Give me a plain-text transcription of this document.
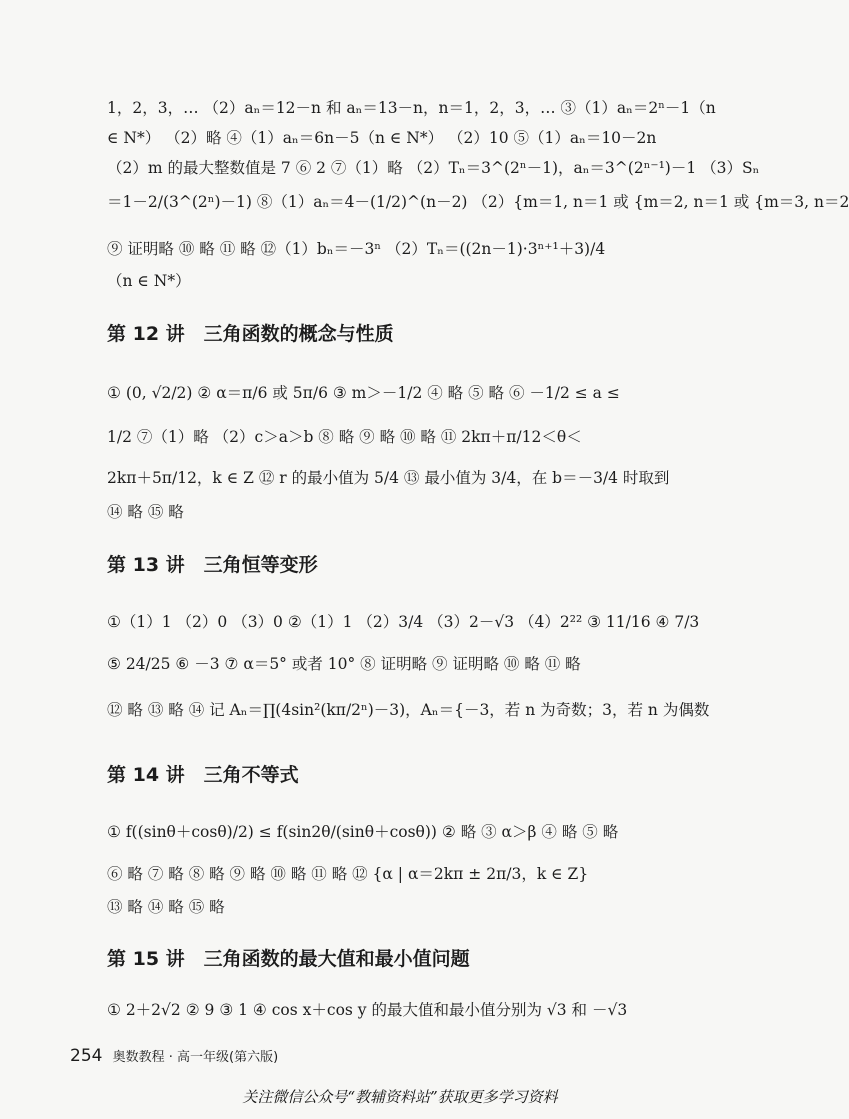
1，2，3，… （2）aₙ＝12－n 和 aₙ＝13－n，n＝1，2，3，… ③（1）aₙ＝2ⁿ－1（n
∈ N*） （2）略 ④（1）aₙ＝6n－5（n ∈ N*） （2）10 ⑤（1）aₙ＝10－2n
（2）m 的最大整数值是 7 ⑥ 2 ⑦（1）略 （2）Tₙ＝3^(2ⁿ－1)，aₙ＝3^(2ⁿ⁻¹)－1 （3）Sₙ
＝1－2/(3^(2ⁿ)－1) ⑧（1）aₙ＝4－(1/2)^(n－2) （2）{m＝1, n＝1 或 {m＝2, n＝1 或 {m＝3, n＝2
⑨ 证明略 ⑩ 略 ⑪ 略 ⑫（1）bₙ＝－3ⁿ （2）Tₙ＝((2n－1)·3ⁿ⁺¹＋3)/4
（n ∈ N*）
第 12 讲　三角函数的概念与性质
① (0, √2/2) ② α＝π/6 或 5π/6 ③ m＞－1/2 ④ 略 ⑤ 略 ⑥ －1/2 ≤ a ≤
1/2 ⑦（1）略 （2）c＞a＞b ⑧ 略 ⑨ 略 ⑩ 略 ⑪ 2kπ＋π/12＜θ＜
2kπ＋5π/12，k ∈ Z ⑫ r 的最小值为 5/4 ⑬ 最小值为 3/4，在 b＝－3/4 时取到
⑭ 略 ⑮ 略
第 13 讲　三角恒等变形
①（1）1 （2）0 （3）0 ②（1）1 （2）3/4 （3）2－√3 （4）2²² ③ 11/16 ④ 7/3
⑤ 24/25 ⑥ －3 ⑦ α＝5° 或者 10° ⑧ 证明略 ⑨ 证明略 ⑩ 略 ⑪ 略
⑫ 略 ⑬ 略 ⑭ 记 Aₙ＝∏(4sin²(kπ/2ⁿ)－3)，Aₙ＝{－3，若 n 为奇数；3，若 n 为偶数
第 14 讲　三角不等式
① f((sinθ＋cosθ)/2) ≤ f(sin2θ/(sinθ＋cosθ)) ② 略 ③ α＞β ④ 略 ⑤ 略
⑥ 略 ⑦ 略 ⑧ 略 ⑨ 略 ⑩ 略 ⑪ 略 ⑫ {α | α＝2kπ ± 2π/3，k ∈ Z}
⑬ 略 ⑭ 略 ⑮ 略
第 15 讲　三角函数的最大值和最小值问题
① 2＋2√2 ② 9 ③ 1 ④ cos x＋cos y 的最大值和最小值分别为 √3 和 －√3
254 奥数教程 · 高一年级(第六版)
关注微信公众号“教辅资料站”获取更多学习资料
